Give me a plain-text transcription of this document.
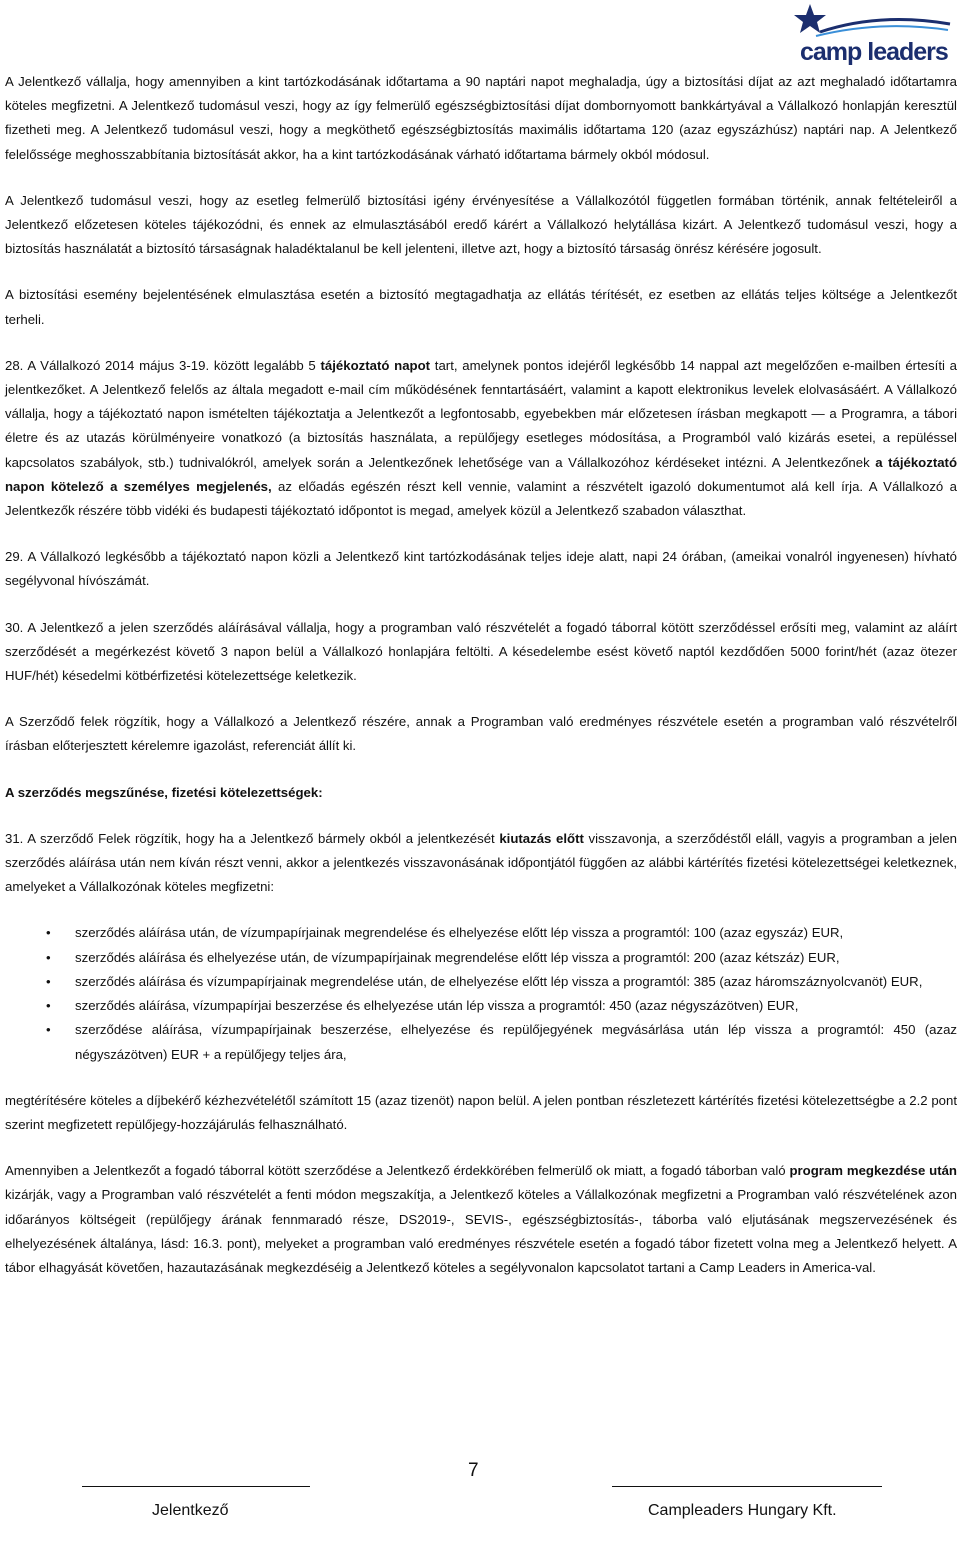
camp leaders

A Jelentkező vállalja, hogy amennyiben a kint tartózkodásának időtartama a 90 naptári napot meghaladja, úgy a biztosítási díjat az azt meghaladó időtartamra köteles megfizetni. A Jelentkező tudomásul veszi, hogy az így felmerülő egészségbiztosítási díjat dombornyomott bankkártyával a Vállalkozó honlapján keresztül fizetheti meg. A Jelentkező tudomásul veszi, hogy a megköthető egészségbiztosítás maximális időtartama 120 (azaz egyszázhúsz) naptári nap. A Jelentkező felelőssége meghosszabbítania biztosítását akkor, ha a kint tartózkodásának várható időtartama bármely okból módosul.

A Jelentkező tudomásul veszi, hogy az esetleg felmerülő biztosítási igény érvényesítése a Vállalkozótól független formában történik, annak feltételeiről a Jelentkező előzetesen köteles tájékozódni, és ennek az elmulasztásából eredő kárért a Vállalkozó helytállása kizárt. A Jelentkező tudomásul veszi, hogy a biztosítás használatát a biztosító társaságnak haladéktalanul be kell jelenteni, illetve azt, hogy a biztosító társaság önrész kérésére jogosult.

A biztosítási esemény bejelentésének elmulasztása esetén a biztosító megtagadhatja az ellátás térítését, ez esetben az ellátás teljes költsége a Jelentkezőt terheli.

28. A Vállalkozó 2014 május 3-19. között legalább 5 tájékoztató napot tart, amelynek pontos idejéről legkésőbb 14 nappal azt megelőzően e-mailben értesíti a jelentkezőket. A Jelentkező felelős az általa megadott e-mail cím működésének fenntartásáért, valamint a kapott elektronikus levelek elolvasásáért. A Vállalkozó vállalja, hogy a tájékoztató napon ismételten tájékoztatja a Jelentkezőt a legfontosabb, egyebekben már előzetesen írásban megkapott — a Programra, a tábori életre és az utazás körülményeire vonatkozó (a biztosítás használata, a repülőjegy esetleges módosítása, a Programból való kizárás esetei, a repüléssel kapcsolatos szabályok, stb.) tudnivalókról, amelyek során a Jelentkezőnek lehetősége van a Vállalkozóhoz kérdéseket intézni. A Jelentkezőnek a tájékoztató napon kötelező a személyes megjelenés, az előadás egészén részt kell vennie, valamint a részvételt igazoló dokumentumot alá kell írja. A Vállalkozó a Jelentkezők részére több vidéki és budapesti tájékoztató időpontot is megad, amelyek közül a Jelentkező szabadon választhat.

29. A Vállalkozó legkésőbb a tájékoztató napon közli a Jelentkező kint tartózkodásának teljes ideje alatt, napi 24 órában, (ameikai vonalról ingyenesen) hívható segélyvonal hívószámát.

30. A Jelentkező a jelen szerződés aláírásával vállalja, hogy a programban való részvételét a fogadó táborral kötött szerződéssel erősíti meg, valamint az aláírt szerződését a megérkezést követő 3 napon belül a Vállalkozó honlapjára feltölti. A késedelembe esést követő naptól kezdődően 5000 forint/hét (azaz ötezer HUF/hét) késedelmi kötbérfizetési kötelezettsége keletkezik.

A Szerződő felek rögzítik, hogy a Vállalkozó a Jelentkező részére, annak a Programban való eredményes részvétele esetén a programban való részvételről írásban előterjesztett kérelemre igazolást, referenciát állít ki.

A szerződés megszűnése, fizetési kötelezettségek:

31. A szerződő Felek rögzítik, hogy ha a Jelentkező bármely okból a jelentkezését kiutazás előtt visszavonja, a szerződéstől eláll, vagyis a programban a jelen szerződés aláírása után nem kíván részt venni, akkor a jelentkezés visszavonásának időpontjától függően az alábbi kártérítés fizetési kötelezettségei keletkeznek, amelyeket a Vállalkozónak köteles megfizetni:

• szerződés aláírása után, de vízumpapírjainak megrendelése és elhelyezése előtt lép vissza a programtól: 100 (azaz egyszáz) EUR,
• szerződés aláírása és elhelyezése után, de vízumpapírjainak megrendelése előtt lép vissza a programtól: 200 (azaz kétszáz) EUR,
• szerződés aláírása és vízumpapírjainak megrendelése után, de elhelyezése előtt lép vissza a programtól: 385 (azaz háromszáznyolcvanöt) EUR,
• szerződés aláírása, vízumpapírjai beszerzése és elhelyezése után lép vissza a programtól: 450 (azaz négyszázötven) EUR,
• szerződése aláírása, vízumpapírjainak beszerzése, elhelyezése és repülőjegyének megvásárlása után lép vissza a programtól: 450 (azaz négyszázötven) EUR + a repülőjegy teljes ára,

megtérítésére köteles a díjbekérő kézhezvételétől számított 15 (azaz tizenöt) napon belül. A jelen pontban részletezett kártérítés fizetési kötelezettségbe a 2.2 pont szerint megfizetett repülőjegy-hozzájárulás felhasználható.

Amennyiben a Jelentkezőt a fogadó táborral kötött szerződése a Jelentkező érdekkörében felmerülő ok miatt, a fogadó táborban való program megkezdése után kizárják, vagy a Programban való részvételét a fenti módon megszakítja, a Jelentkező köteles a Vállalkozónak megfizetni a Programban való részvételének azon időarányos költségeit (repülőjegy árának fennmaradó része, DS2019-, SEVIS-, egészségbiztosítás-, táborba való eljutásának megszervezésének és elhelyezésének általánya, lásd: 16.3. pont), melyeket a programban való eredményes részvétele esetén a fogadó tábor fizetett volna meg a Jelentkező helyett. A tábor elhagyását követően, hazautazásának megkezdéséig a Jelentkező köteles a segélyvonalon kapcsolatot tartani a Camp Leaders in America-val.

7
Jelentkező	Campleaders Hungary Kft.
